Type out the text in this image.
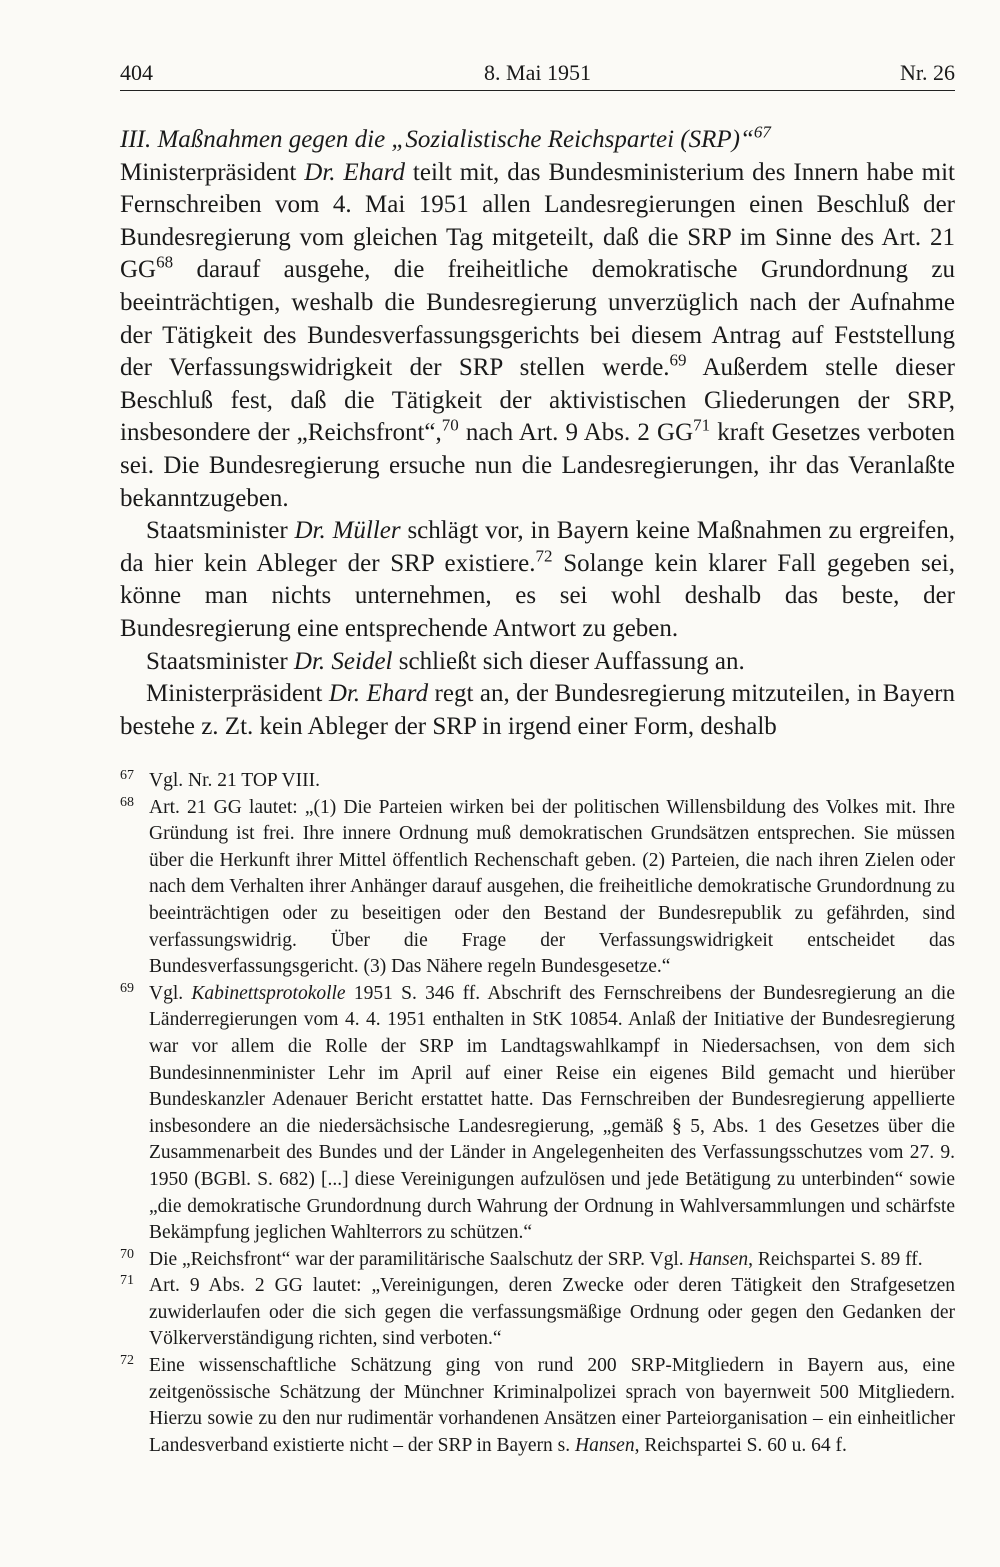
404	8. Mai 1951	Nr. 26

III. Maßnahmen gegen die „Sozialistische Reichspartei (SRP)“$^{67}$

Ministerpräsident Dr. Ehard teilt mit, das Bundesministerium des Innern habe mit Fernschreiben vom 4. Mai 1951 allen Landesregierungen einen Beschluß der Bundesregierung vom gleichen Tag mitgeteilt, daß die SRP im Sinne des Art. 21 GG$^{68}$ darauf ausgehe, die freiheitliche demokratische Grundordnung zu beeinträchtigen, weshalb die Bundesregierung unverzüglich nach der Aufnahme der Tätigkeit des Bundesverfassungsgerichts bei diesem Antrag auf Feststellung der Verfassungswidrigkeit der SRP stellen werde.$^{69}$ Außerdem stelle dieser Beschluß fest, daß die Tätigkeit der aktivistischen Gliederungen der SRP, insbesondere der „Reichsfront“,$^{70}$ nach Art. 9 Abs. 2 GG$^{71}$ kraft Gesetzes verboten sei. Die Bundesregierung ersuche nun die Landesregierungen, ihr das Veranlaßte bekanntzugeben.

Staatsminister Dr. Müller schlägt vor, in Bayern keine Maßnahmen zu ergreifen, da hier kein Ableger der SRP existiere.$^{72}$ Solange kein klarer Fall gegeben sei, könne man nichts unternehmen, es sei wohl deshalb das beste, der Bundesregierung eine entsprechende Antwort zu geben.

Staatsminister Dr. Seidel schließt sich dieser Auffassung an.

Ministerpräsident Dr. Ehard regt an, der Bundesregierung mitzuteilen, in Bayern bestehe z. Zt. kein Ableger der SRP in irgend einer Form, deshalb

67 Vgl. Nr. 21 TOP VIII.

68 Art. 21 GG lautet: „(1) Die Parteien wirken bei der politischen Willensbildung des Volkes mit. Ihre Gründung ist frei. Ihre innere Ordnung muß demokratischen Grundsätzen entsprechen. Sie müssen über die Herkunft ihrer Mittel öffentlich Rechenschaft geben. (2) Parteien, die nach ihren Zielen oder nach dem Verhalten ihrer Anhänger darauf ausgehen, die freiheitliche demokratische Grundordnung zu beeinträchtigen oder zu beseitigen oder den Bestand der Bundesrepublik zu gefährden, sind verfassungswidrig. Über die Frage der Verfassungswidrigkeit entscheidet das Bundesverfassungsgericht. (3) Das Nähere regeln Bundesgesetze.“

69 Vgl. Kabinettsprotokolle 1951 S. 346 ff. Abschrift des Fernschreibens der Bundesregierung an die Länderregierungen vom 4. 4. 1951 enthalten in StK 10854. Anlaß der Initiative der Bundesregierung war vor allem die Rolle der SRP im Landtagswahlkampf in Niedersachsen, von dem sich Bundesinnenminister Lehr im April auf einer Reise ein eigenes Bild gemacht und hierüber Bundeskanzler Adenauer Bericht erstattet hatte. Das Fernschreiben der Bundesregierung appellierte insbesondere an die niedersächsische Landesregierung, „gemäß § 5, Abs. 1 des Gesetzes über die Zusammenarbeit des Bundes und der Länder in Angelegenheiten des Verfassungsschutzes vom 27. 9. 1950 (BGBl. S. 682) [...] diese Vereinigungen aufzulösen und jede Betätigung zu unterbinden“ sowie „die demokratische Grundordnung durch Wahrung der Ordnung in Wahlversammlungen und schärfste Bekämpfung jeglichen Wahlterrors zu schützen.“

70 Die „Reichsfront“ war der paramilitärische Saalschutz der SRP. Vgl. Hansen, Reichspartei S. 89 ff.

71 Art. 9 Abs. 2 GG lautet: „Vereinigungen, deren Zwecke oder deren Tätigkeit den Strafgesetzen zuwiderlaufen oder die sich gegen die verfassungsmäßige Ordnung oder gegen den Gedanken der Völkerverständigung richten, sind verboten.“

72 Eine wissenschaftliche Schätzung ging von rund 200 SRP-Mitgliedern in Bayern aus, eine zeitgenössische Schätzung der Münchner Kriminalpolizei sprach von bayernweit 500 Mitgliedern. Hierzu sowie zu den nur rudimentär vorhandenen Ansätzen einer Parteiorganisation – ein einheitlicher Landesverband existierte nicht – der SRP in Bayern s. Hansen, Reichspartei S. 60 u. 64 f.
